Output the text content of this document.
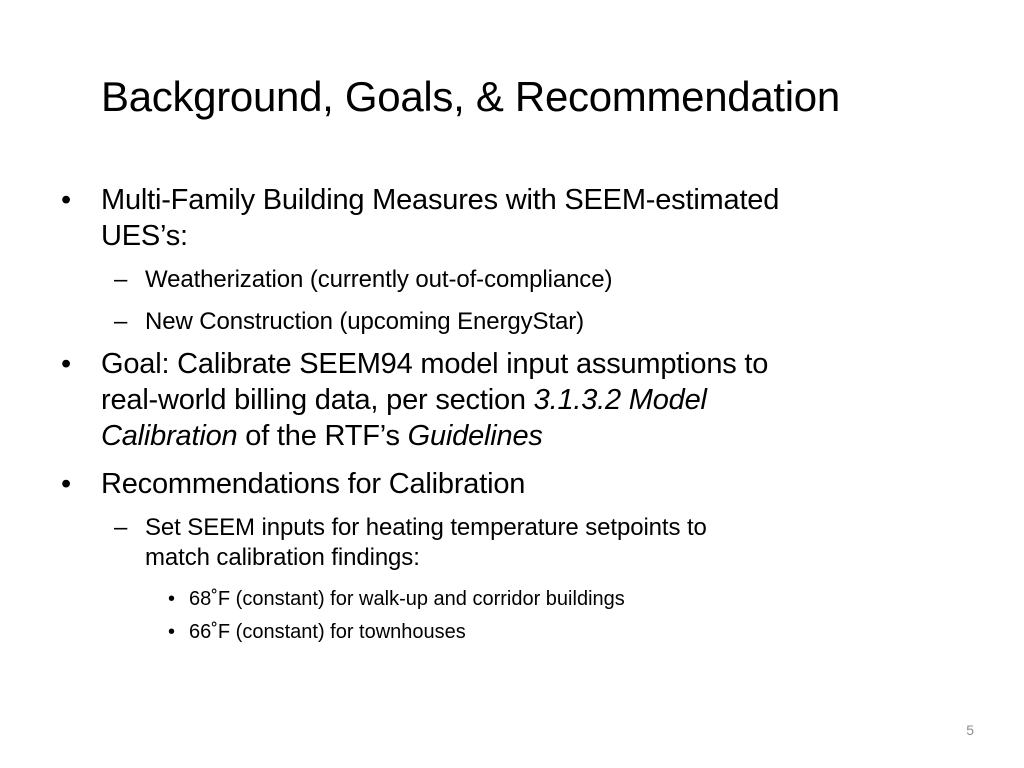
Background, Goals, & Recommendation
• Multi-Family Building Measures with SEEM-estimated
UES’s:
– Weatherization (currently out-of-compliance)
– New Construction (upcoming EnergyStar)
• Goal: Calibrate SEEM94 model input assumptions to
real-world billing data, per section 3.1.3.2 Model
Calibration of the RTF’s Guidelines
• Recommendations for Calibration
– Set SEEM inputs for heating temperature setpoints to
match calibration findings:
• 68˚F (constant) for walk-up and corridor buildings
• 66˚F (constant) for townhouses
5
